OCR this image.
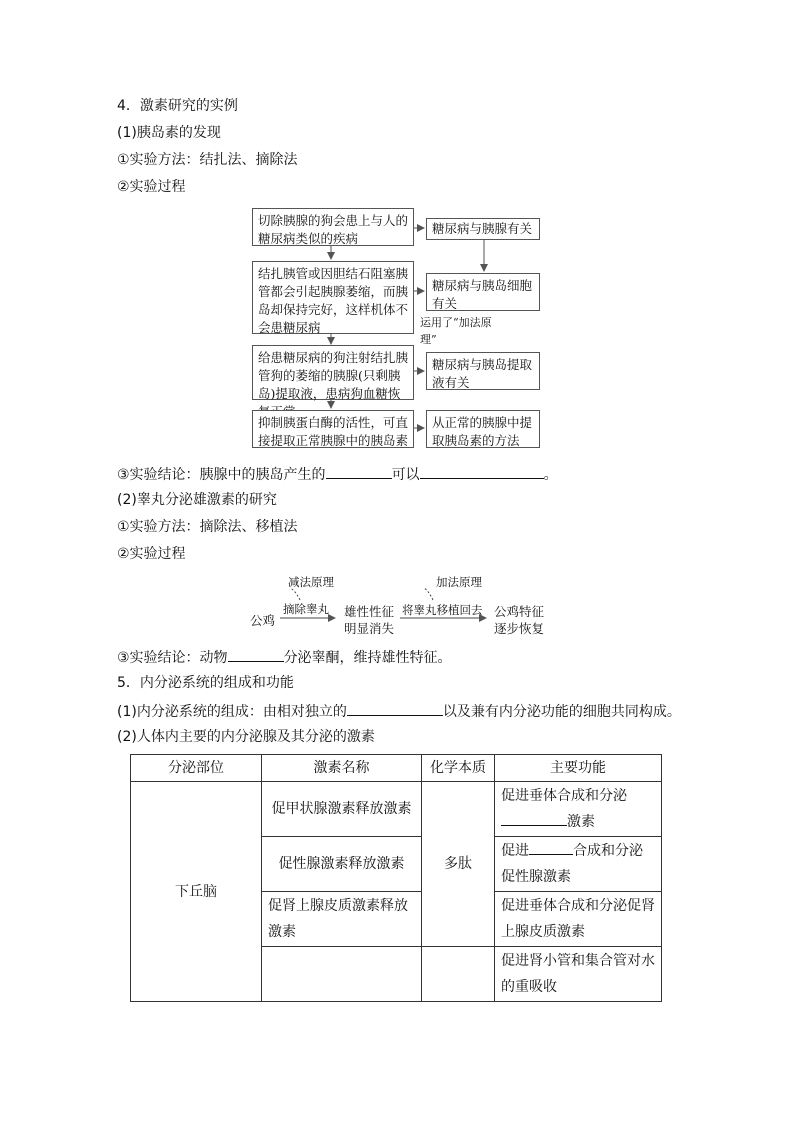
4．激素研究的实例
(1)胰岛素的发现
①实验方法：结扎法、摘除法
②实验过程
切除胰腺的狗会患上与人的糖尿病类似的疾病
结扎胰管或因胆结石阻塞胰管都会引起胰腺萎缩，而胰岛却保持完好，这样机体不会患糖尿病
给患糖尿病的狗注射结扎胰管狗的萎缩的胰腺(只剩胰岛)提取液，患病狗血糖恢
抑制胰蛋白酶的活性，可直接提取正常胰腺中的胰岛素
糖尿病与胰腺有关
糖尿病与胰岛细胞有关
糖尿病与胰岛提取液有关
从正常的胰腺中提取胰岛素的方法
运用了“加法原理”
③实验结论：胰腺中的胰岛产生的	可以	。
(2)睾丸分泌雄激素的研究
①实验方法：摘除法、移植法
②实验过程
公鸡
减法原理
摘除睾丸 雄性性征
明显消失
加法原理
将睾丸移植回去 公鸡特征
逐步恢复
③实验结论：动物	分泌睾酮，维持雄性特征。
5．内分泌系统的组成和功能
(1)内分泌系统的组成：由相对独立的	以及兼有内分泌功能的细胞共同构成。
(2)人体内主要的内分泌腺及其分泌的激素
分泌部位	激素名称	化学本质	主要功能
下丘脑	促甲状腺激素释放激素	多肽	促进垂体合成和分泌
激素
	促性腺激素释放激素		促进 合成和分泌
促性腺激素
	促肾上腺皮质激素释放激素		促进垂体合成和分泌促肾上腺皮质激素
			促进肾小管和集合管对水的重吸收
